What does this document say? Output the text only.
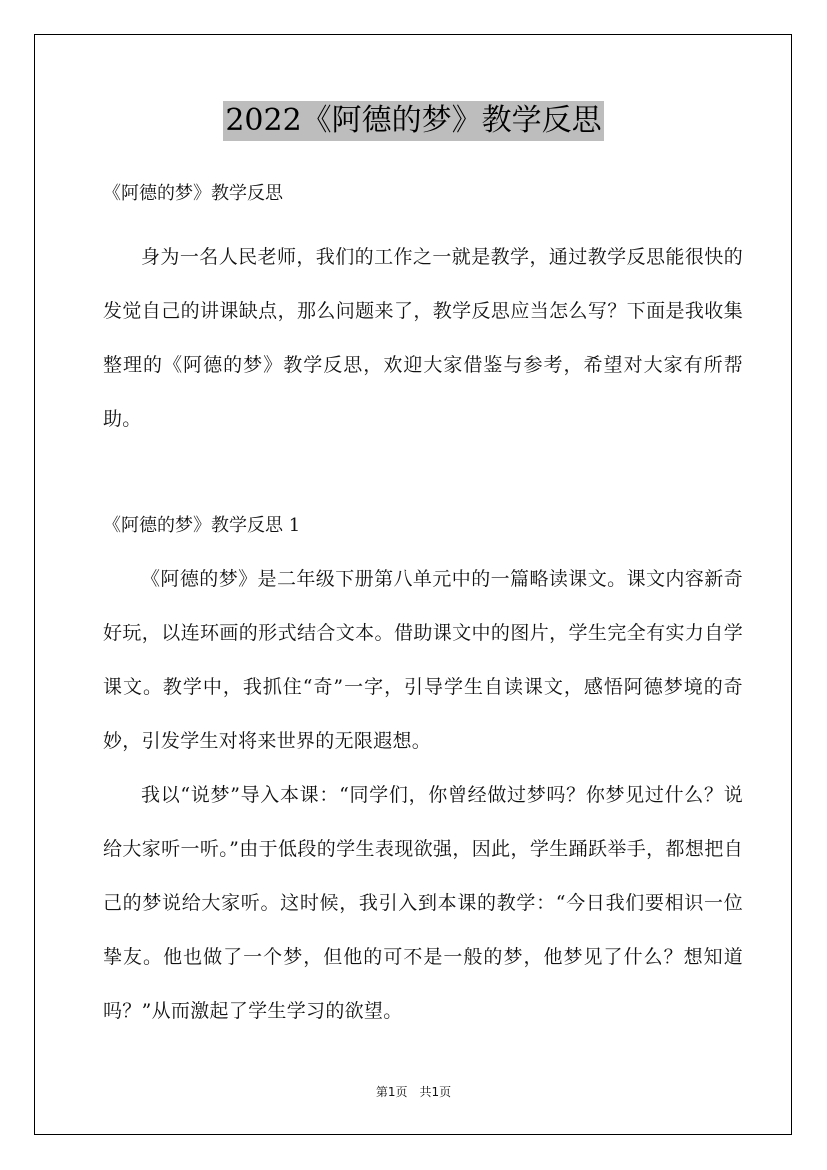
2022《阿德的梦》教学反思

《阿德的梦》教学反思

身为一名人民老师，我们的工作之一就是教学，通过教学反思能很快的发觉自己的讲课缺点，那么问题来了，教学反思应当怎么写？下面是我收集整理的《阿德的梦》教学反思，欢迎大家借鉴与参考，希望对大家有所帮助。

《阿德的梦》教学反思 1

《阿德的梦》是二年级下册第八单元中的一篇略读课文。课文内容新奇好玩，以连环画的形式结合文本。借助课文中的图片，学生完全有实力自学课文。教学中，我抓住“奇”一字，引导学生自读课文，感悟阿德梦境的奇妙，引发学生对将来世界的无限遐想。

我以“说梦”导入本课：“同学们，你曾经做过梦吗？你梦见过什么？说给大家听一听。”由于低段的学生表现欲强，因此，学生踊跃举手，都想把自己的梦说给大家听。这时候，我引入到本课的教学：“今日我们要相识一位挚友。他也做了一个梦，但他的可不是一般的梦，他梦见了什么？想知道吗？”从而激起了学生学习的欲望。

第1页　共1页
